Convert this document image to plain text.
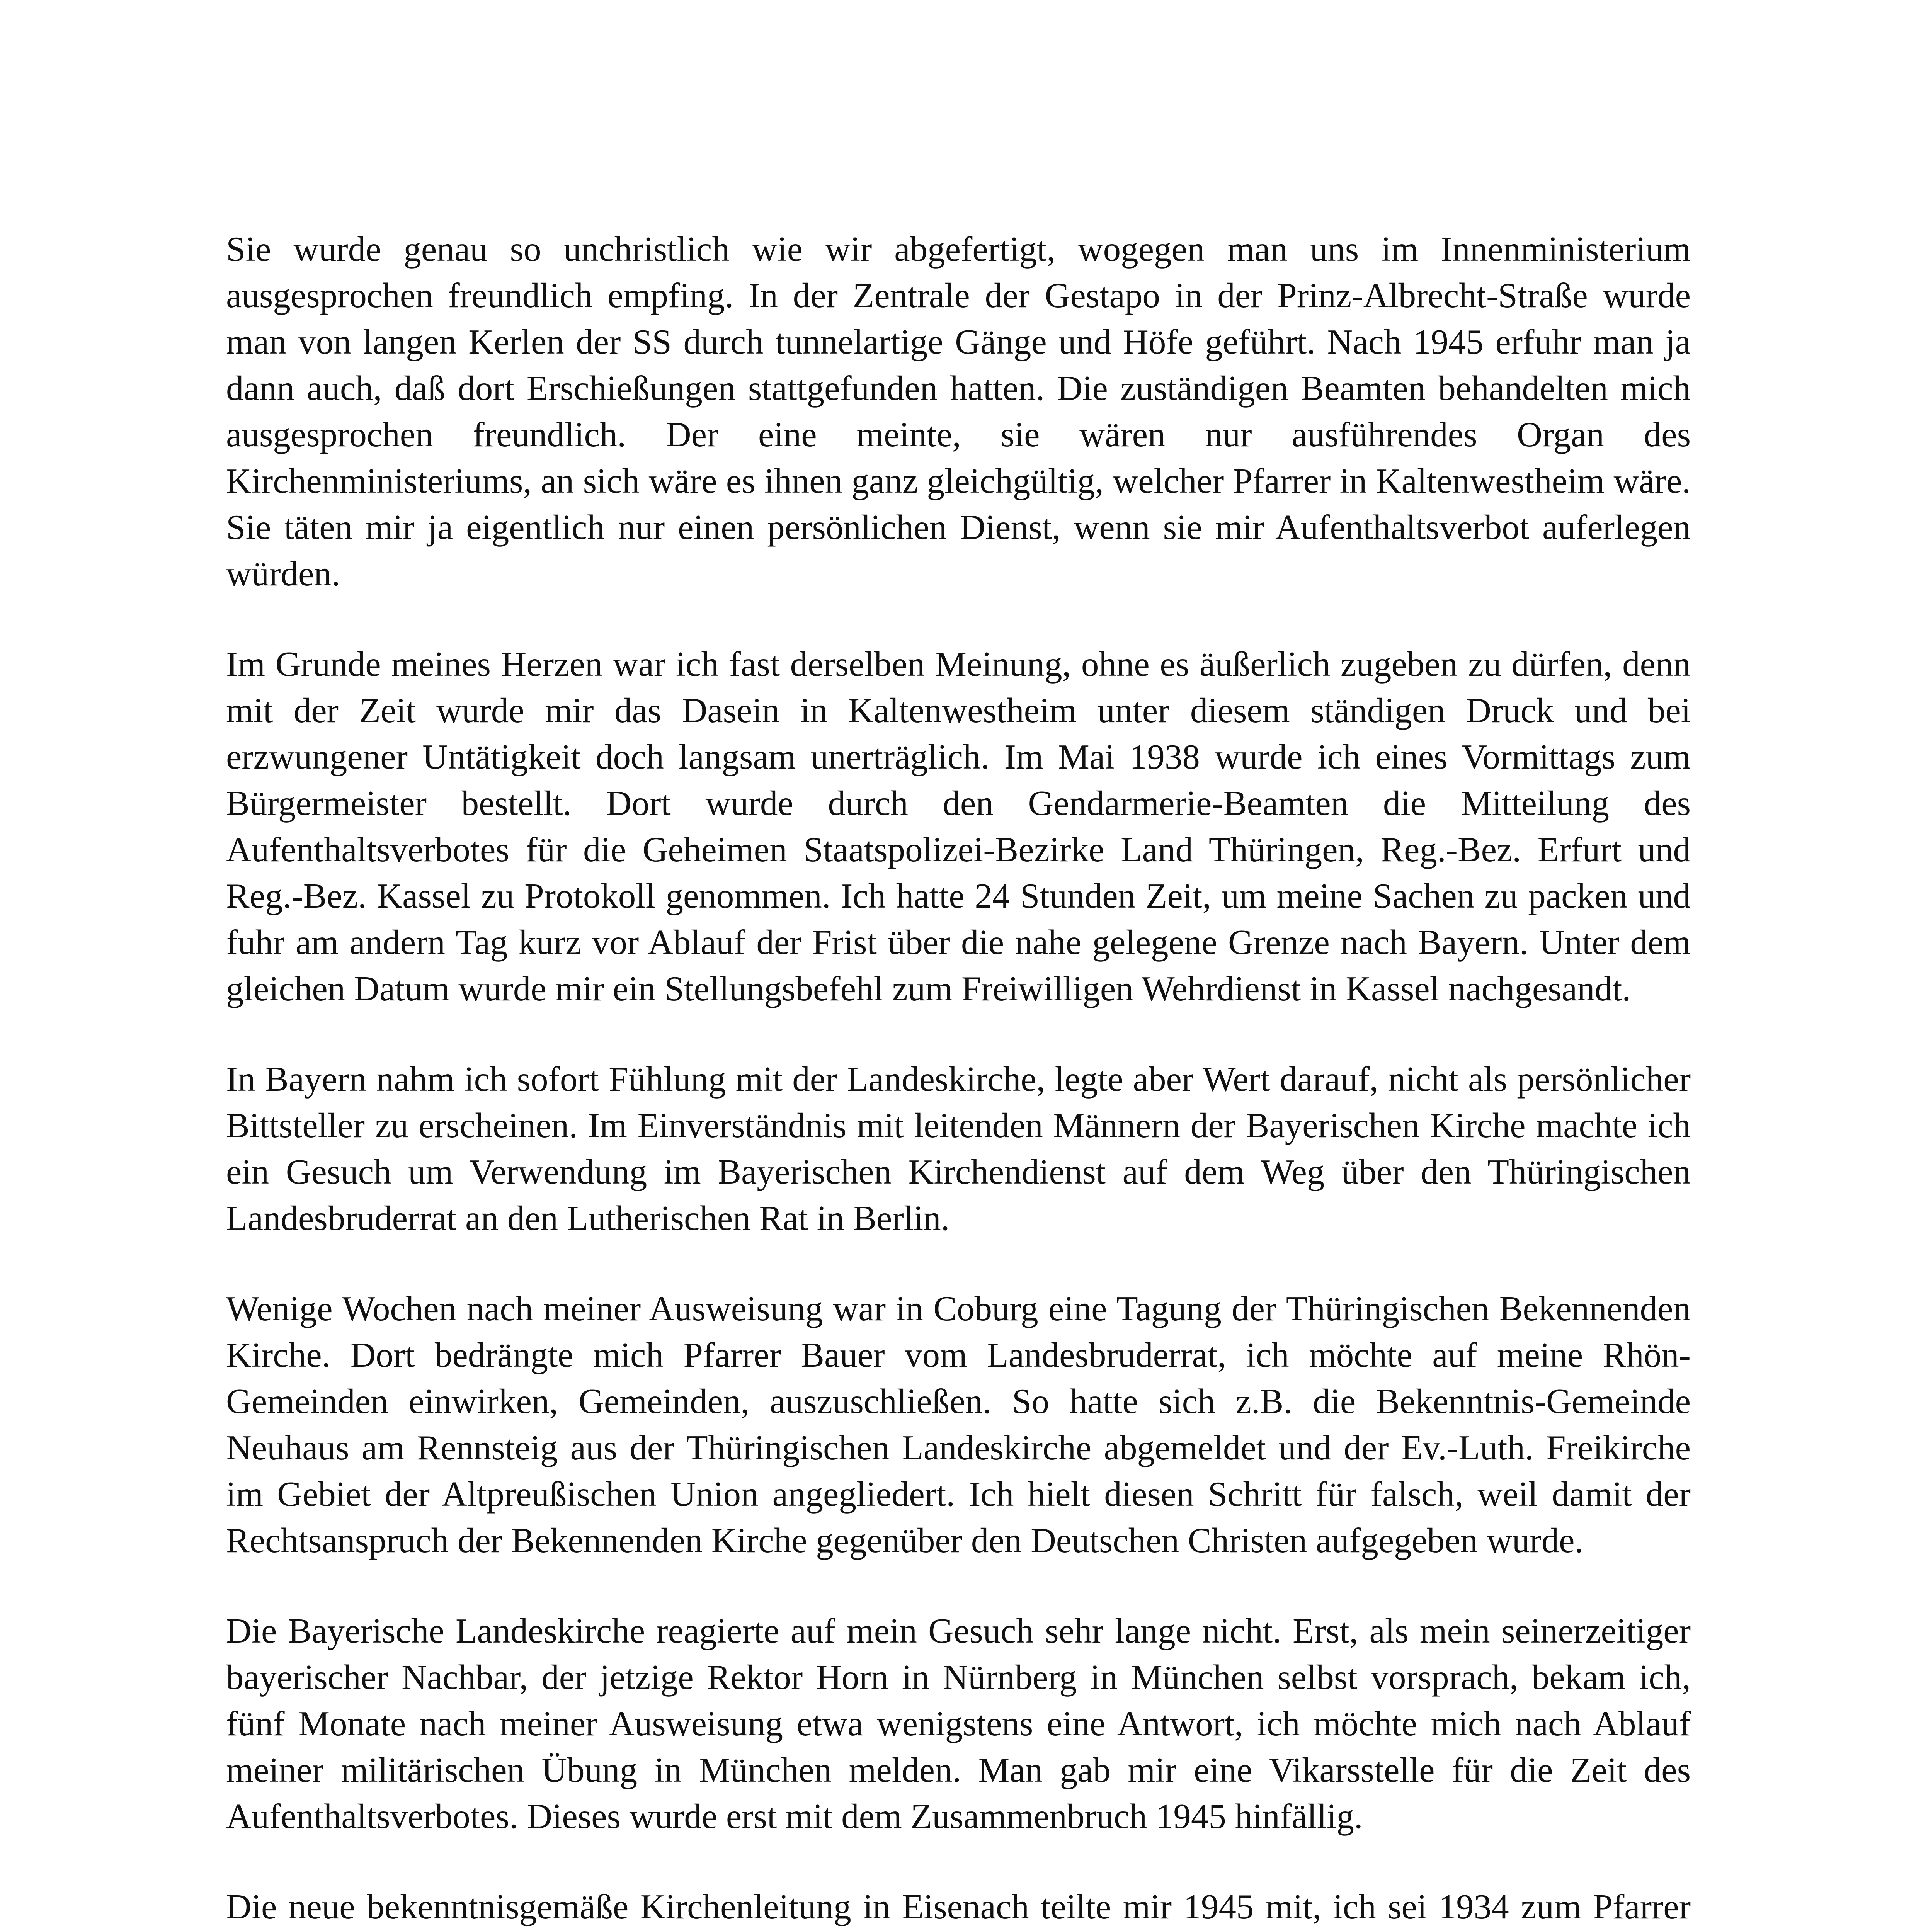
Sie wurde genau so unchristlich wie wir abgefertigt, wogegen man uns im Innenministerium ausgesprochen freundlich empfing. In der Zentrale der Gestapo in der Prinz-Albrecht-Straße wurde man von langen Kerlen der SS durch tunnelartige Gänge und Höfe geführt. Nach 1945 erfuhr man ja dann auch, daß dort Erschießungen stattgefunden hatten. Die zuständigen Beamten behandelten mich ausgesprochen freundlich. Der eine meinte, sie wären nur ausführendes Organ des Kirchenministeriums, an sich wäre es ihnen ganz gleichgültig, welcher Pfarrer in Kaltenwestheim wäre. Sie täten mir ja eigentlich nur einen persönlichen Dienst, wenn sie mir Aufenthaltsverbot auferlegen würden.

Im Grunde meines Herzen war ich fast derselben Meinung, ohne es äußerlich zugeben zu dürfen, denn mit der Zeit wurde mir das Dasein in Kaltenwestheim unter diesem ständigen Druck und bei erzwungener Untätigkeit doch langsam unerträglich. Im Mai 1938 wurde ich eines Vormittags zum Bürgermeister bestellt. Dort wurde durch den Gendarmerie-Beamten die Mitteilung des Aufenthaltsverbotes für die Geheimen Staatspolizei-Bezirke Land Thüringen, Reg.-Bez. Erfurt und Reg.-Bez. Kassel zu Protokoll genommen. Ich hatte 24 Stunden Zeit, um meine Sachen zu packen und fuhr am andern Tag kurz vor Ablauf der Frist über die nahe gelegene Grenze nach Bayern. Unter dem gleichen Datum wurde mir ein Stellungsbefehl zum Freiwilligen Wehrdienst in Kassel nachgesandt.

In Bayern nahm ich sofort Fühlung mit der Landeskirche, legte aber Wert darauf, nicht als persönlicher Bittsteller zu erscheinen. Im Einverständnis mit leitenden Männern der Bayerischen Kirche machte ich ein Gesuch um Verwendung im Bayerischen Kirchendienst auf dem Weg über den Thüringischen Landesbruderrat an den Lutherischen Rat in Berlin.

Wenige Wochen nach meiner Ausweisung war in Coburg eine Tagung der Thüringischen Bekennenden Kirche. Dort bedrängte mich Pfarrer Bauer vom Landesbruderrat, ich möchte auf meine Rhön-Gemeinden einwirken, Gemeinden, auszuschließen. So hatte sich z.B. die Bekenntnis-Gemeinde Neuhaus am Rennsteig aus der Thüringischen Landeskirche abgemeldet und der Ev.-Luth. Freikirche im Gebiet der Altpreußischen Union angegliedert. Ich hielt diesen Schritt für falsch, weil damit der Rechtsanspruch der Bekennenden Kirche gegenüber den Deutschen Christen aufgegeben wurde.

Die Bayerische Landeskirche reagierte auf mein Gesuch sehr lange nicht. Erst, als mein seinerzeitiger bayerischer Nachbar, der jetzige Rektor Horn in Nürnberg in München selbst vorsprach, bekam ich, fünf Monate nach meiner Ausweisung etwa wenigstens eine Antwort, ich möchte mich nach Ablauf meiner militärischen Übung in München melden. Man gab mir eine Vikarsstelle für die Zeit des Aufenthaltsverbotes. Dieses wurde erst mit dem Zusammenbruch 1945 hinfällig.

Die neue bekenntnisgemäße Kirchenleitung in Eisenach teilte mir 1945 mit, ich sei 1934 zum Pfarrer
